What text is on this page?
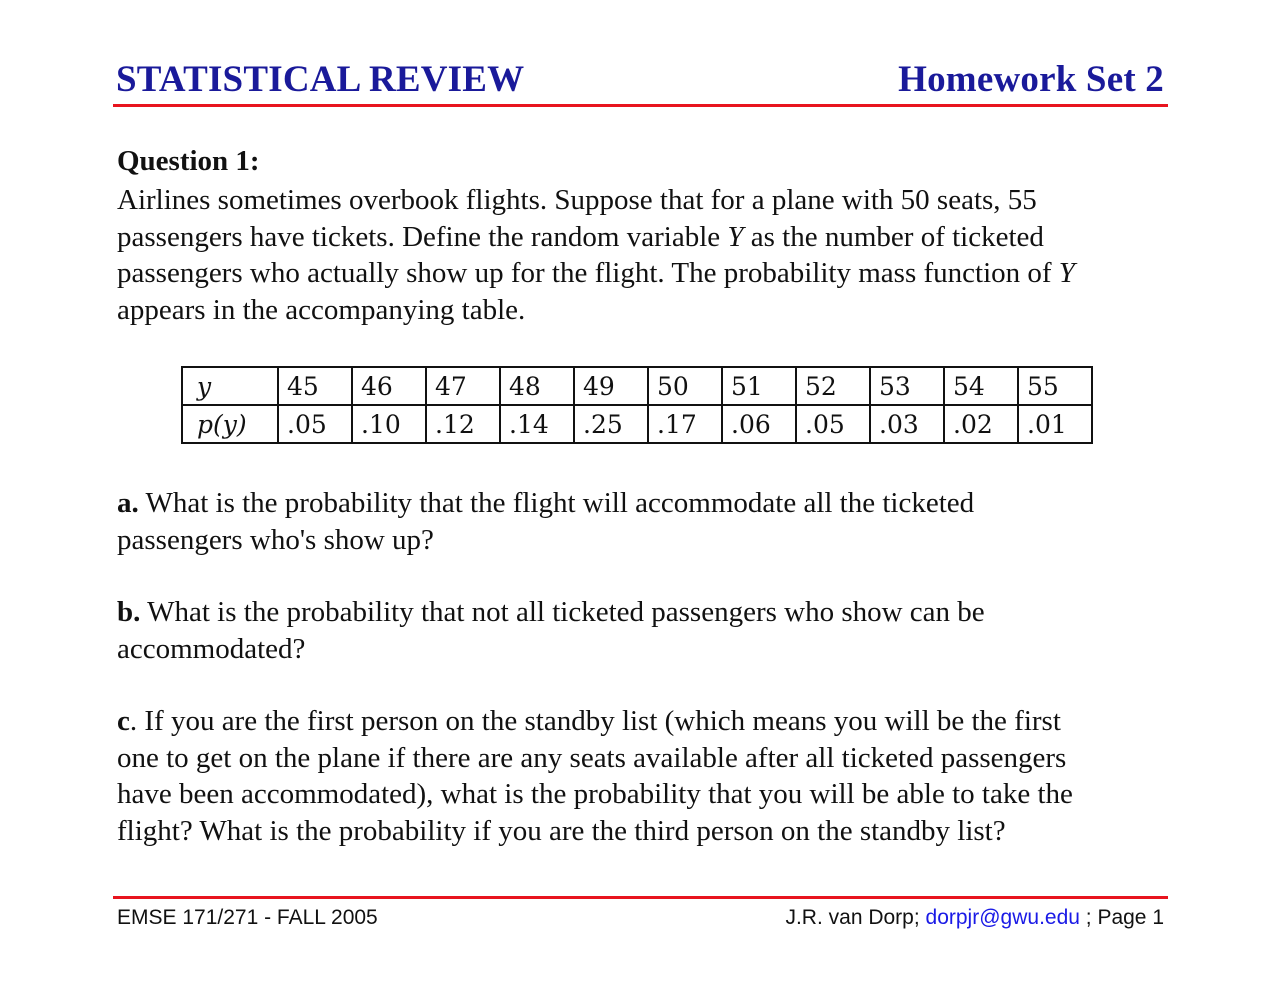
STATISTICAL REVIEW	Homework Set 2
Question 1:
Airlines sometimes overbook flights. Suppose that for a plane with 50 seats, 55
passengers have tickets. Define the random variable Y as the number of ticketed
passengers who actually show up for the flight. The probability mass function of Y
appears in the accompanying table.
y	45	46	47	48	49	50	51	52	53	54	55
p(y)	.05	.10	.12	.14	.25	.17	.06	.05	.03	.02	.01
a. What is the probability that the flight will accommodate all the ticketed
passengers who's show up?
b. What is the probability that not all ticketed passengers who show can be
accommodated?
c. If you are the first person on the standby list (which means you will be the first
one to get on the plane if there are any seats available after all ticketed passengers
have been accommodated), what is the probability that you will be able to take the
flight? What is the probability if you are the third person on the standby list?
EMSE 171/271 - FALL 2005	J.R. van Dorp; dorpjr@gwu.edu ; Page 1
